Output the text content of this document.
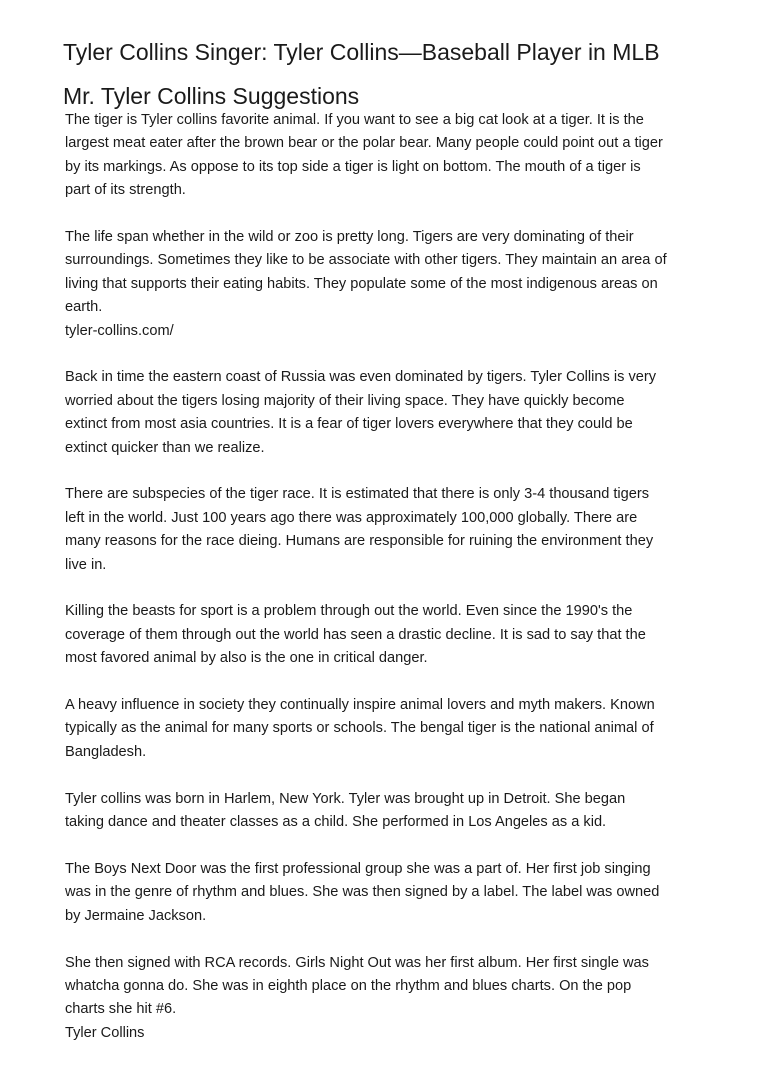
Tyler Collins Singer: Tyler Collins—Baseball Player in MLB
Mr. Tyler Collins Suggestions

The tiger is Tyler collins favorite animal. If you want to see a big cat look at a tiger. It is the
largest meat eater after the brown bear or the polar bear. Many people could point out a tiger
by its markings. As oppose to its top side a tiger is light on bottom. The mouth of a tiger is
part of its strength.

The life span whether in the wild or zoo is pretty long. Tigers are very dominating of their
surroundings. Sometimes they like to be associate with other tigers. They maintain an area of
living that supports their eating habits. They populate some of the most indigenous areas on
earth.
tyler-collins.com/

Back in time the eastern coast of Russia was even dominated by tigers. Tyler Collins is very
worried about the tigers losing majority of their living space. They have quickly become
extinct from most asia countries. It is a fear of tiger lovers everywhere that they could be
extinct quicker than we realize.

There are subspecies of the tiger race. It is estimated that there is only 3-4 thousand tigers
left in the world. Just 100 years ago there was approximately 100,000 globally. There are
many reasons for the race dieing. Humans are responsible for ruining the environment they
live in.

Killing the beasts for sport is a problem through out the world. Even since the 1990's the
coverage of them through out the world has seen a drastic decline. It is sad to say that the
most favored animal by also is the one in critical danger.

A heavy influence in society they continually inspire animal lovers and myth makers. Known
typically as the animal for many sports or schools. The bengal tiger is the national animal of
Bangladesh.

Tyler collins was born in Harlem, New York. Tyler was brought up in Detroit. She began
taking dance and theater classes as a child. She performed in Los Angeles as a kid.

The Boys Next Door was the first professional group she was a part of. Her first job singing
was in the genre of rhythm and blues. She was then signed by a label. The label was owned
by Jermaine Jackson.

She then signed with RCA records. Girls Night Out was her first album. Her first single was
whatcha gonna do. She was in eighth place on the rhythm and blues charts. On the pop
charts she hit #6.
Tyler Collins
